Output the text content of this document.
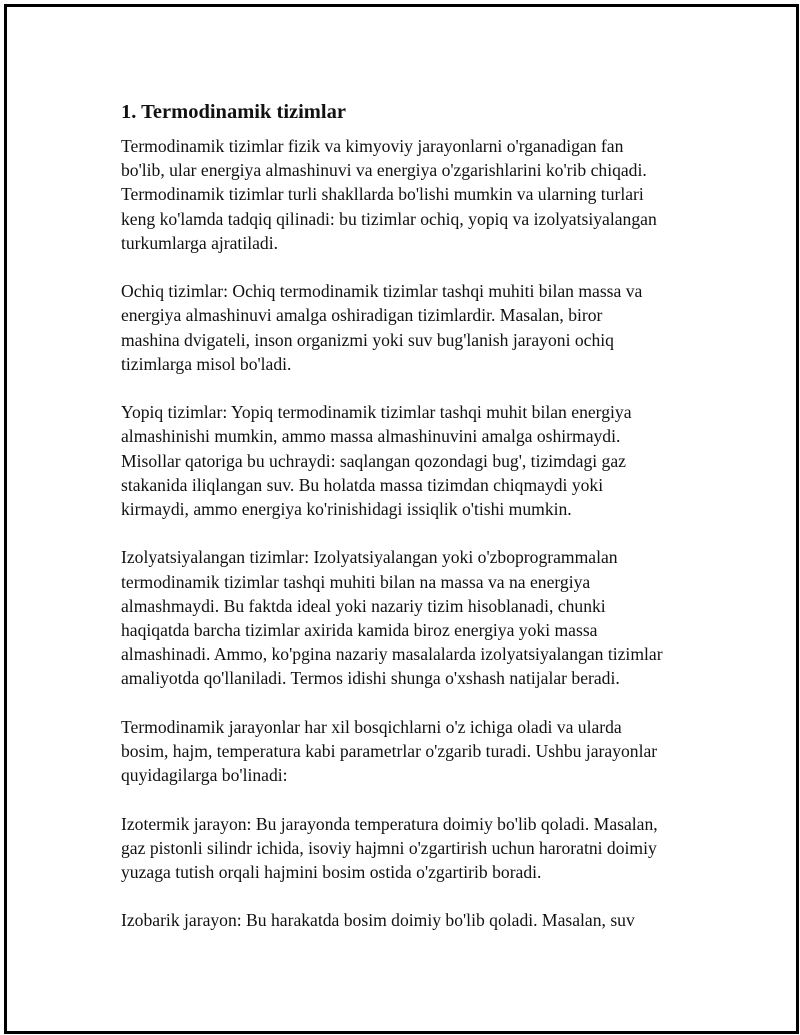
1. Termodinamik tizimlar
Termodinamik tizimlar fizik va kimyoviy jarayonlarni o'rganadigan fan
bo'lib, ular energiya almashinuvi va energiya o'zgarishlarini ko'rib chiqadi.
Termodinamik tizimlar turli shakllarda bo'lishi mumkin va ularning turlari
keng ko'lamda tadqiq qilinadi: bu tizimlar ochiq, yopiq va izolyatsiyalangan
turkumlarga ajratiladi.
Ochiq tizimlar: Ochiq termodinamik tizimlar tashqi muhiti bilan massa va
energiya almashinuvi amalga oshiradigan tizimlardir. Masalan, biror
mashina dvigateli, inson organizmi yoki suv bug'lanish jarayoni ochiq
tizimlarga misol bo'ladi.
Yopiq tizimlar: Yopiq termodinamik tizimlar tashqi muhit bilan energiya
almashinishi mumkin, ammo massa almashinuvini amalga oshirmaydi.
Misollar qatoriga bu uchraydi: saqlangan qozondagi bug', tizimdagi gaz
stakanida iliqlangan suv. Bu holatda massa tizimdan chiqmaydi yoki
kirmaydi, ammo energiya ko'rinishidagi issiqlik o'tishi mumkin.
Izolyatsiyalangan tizimlar: Izolyatsiyalangan yoki o'zboprogrammalan
termodinamik tizimlar tashqi muhiti bilan na massa va na energiya
almashmaydi. Bu faktda ideal yoki nazariy tizim hisoblanadi, chunki
haqiqatda barcha tizimlar axirida kamida biroz energiya yoki massa
almashinadi. Ammo, ko'pgina nazariy masalalarda izolyatsiyalangan tizimlar
amaliyotda qo'llaniladi. Termos idishi shunga o'xshash natijalar beradi.
Termodinamik jarayonlar har xil bosqichlarni o'z ichiga oladi va ularda
bosim, hajm, temperatura kabi parametrlar o'zgarib turadi. Ushbu jarayonlar
quyidagilarga bo'linadi:
Izotermik jarayon: Bu jarayonda temperatura doimiy bo'lib qoladi. Masalan,
gaz pistonli silindr ichida, isoviy hajmni o'zgartirish uchun haroratni doimiy
yuzaga tutish orqali hajmini bosim ostida o'zgartirib boradi.
Izobarik jarayon: Bu harakatda bosim doimiy bo'lib qoladi. Masalan, suv
